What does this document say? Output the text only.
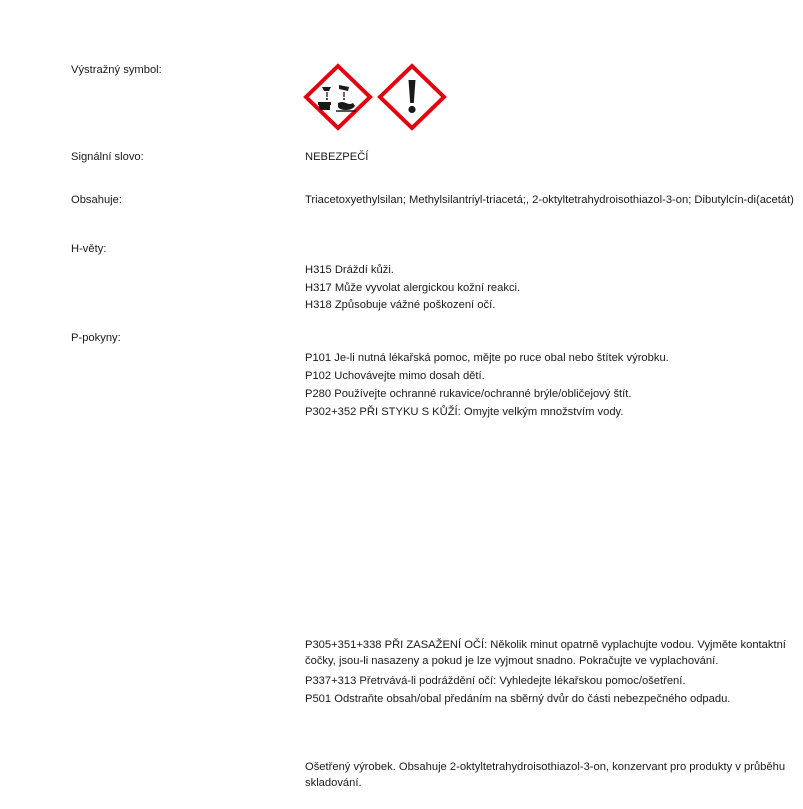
Výstražný symbol:
Signální slovo:
Obsahuje:
H-věty:
P-pokyny:
NEBEZPEČÍ
Triacetoxyethylsilan; Methylsilantriyl-triacetá;, 2-oktyltetrahydroisothiazol-3-on; Dibutylcín-di(acetát)

H315 Dráždí kůži.

H317 Může vyvolat alergickou kožní reakci.

H318 Způsobuje vážné poškození očí.

P101 Je-li nutná lékařská pomoc, mějte po ruce obal nebo štítek výrobku.

P102 Uchovávejte mimo dosah dětí.

P280 Používejte ochranné rukavice/ochranné brýle/obličejový štít.

P302+352 PŘI STYKU S KŮŽÍ: Omyjte velkým množstvím vody.

P305+351+338 PŘI ZASAŽENÍ OČÍ: Několik minut opatrně vyplachujte vodou. Vyjměte kontaktní čočky, jsou-li nasazeny a pokud je lze vyjmout snadno. Pokračujte ve vyplachování.

P337+313 Přetrvává-li podráždění očí: Vyhledejte lékařskou pomoc/ošetření.

P501 Odstraňte obsah/obal předáním na sběrný dvůr do části nebezpečného odpadu.

Ošetřený výrobek. Obsahuje 2-oktyltetrahydroisothiazol-3-on, konzervant pro produkty v průběhu skladování.
